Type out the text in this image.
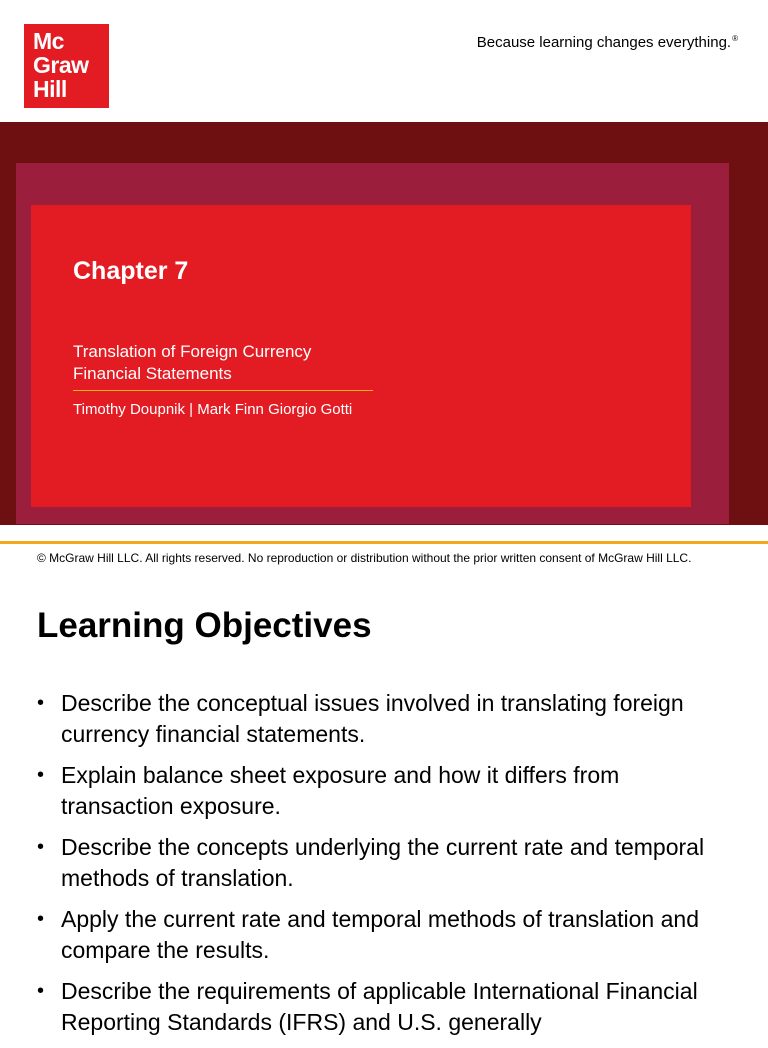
Mc
Graw
Hill
Because learning changes everything.®
Chapter 7
Translation of Foreign Currency
Financial Statements
Timothy Doupnik | Mark Finn Giorgio Gotti
© McGraw Hill LLC. All rights reserved. No reproduction or distribution without the prior written consent of McGraw Hill LLC.
Learning Objectives
• Describe the conceptual issues involved in translating foreign currency financial statements.
• Explain balance sheet exposure and how it differs from transaction exposure.
• Describe the concepts underlying the current rate and temporal methods of translation.
• Apply the current rate and temporal methods of translation and compare the results.
• Describe the requirements of applicable International Financial Reporting Standards (IFRS) and U.S. generally
